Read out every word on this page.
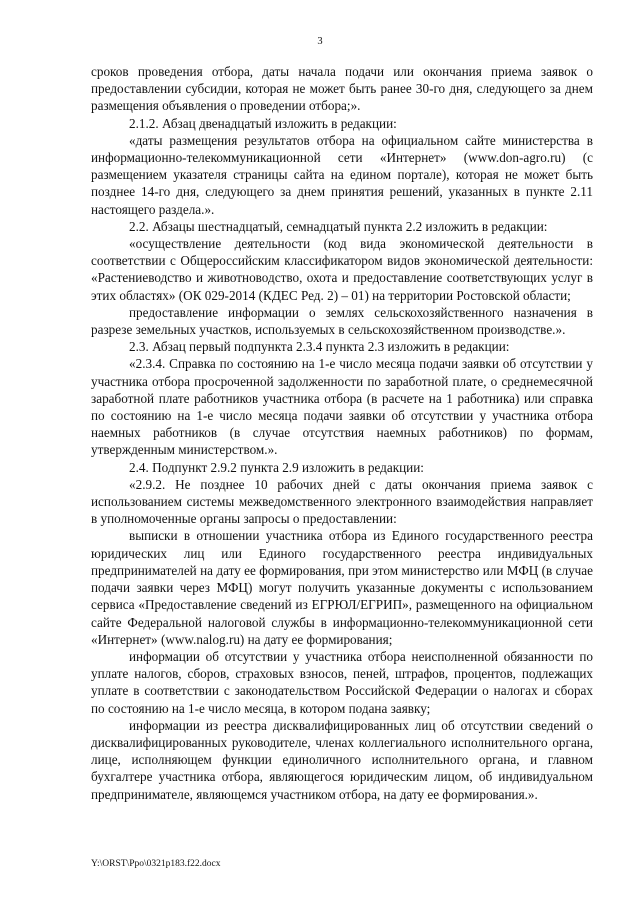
3

сроков проведения отбора, даты начала подачи или окончания приема заявок о предоставлении субсидии, которая не может быть ранее 30-го дня, следующего за днем размещения объявления о проведении отбора;».

2.1.2. Абзац двенадцатый изложить в редакции:

«даты размещения результатов отбора на официальном сайте министерства в информационно-телекоммуникационной сети «Интернет» (www.don-agro.ru) (с размещением указателя страницы сайта на едином портале), которая не может быть позднее 14-го дня, следующего за днем принятия решений, указанных в пункте 2.11 настоящего раздела.».

2.2. Абзацы шестнадцатый, семнадцатый пункта 2.2 изложить в редакции:

«осуществление деятельности (код вида экономической деятельности в соответствии с Общероссийским классификатором видов экономической деятельности: «Растениеводство и животноводство, охота и предоставление соответствующих услуг в этих областях» (ОК 029-2014 (КДЕС Ред. 2) – 01) на территории Ростовской области;

предоставление информации о землях сельскохозяйственного назначения в разрезе земельных участков, используемых в сельскохозяйственном производстве.».

2.3. Абзац первый подпункта 2.3.4 пункта 2.3 изложить в редакции:

«2.3.4. Справка по состоянию на 1-е число месяца подачи заявки об отсутствии у участника отбора просроченной задолженности по заработной плате, о среднемесячной заработной плате работников участника отбора (в расчете на 1 работника) или справка по состоянию на 1-е число месяца подачи заявки об отсутствии у участника отбора наемных работников (в случае отсутствия наемных работников) по формам, утвержденным министерством.».

2.4. Подпункт 2.9.2 пункта 2.9 изложить в редакции:

«2.9.2. Не позднее 10 рабочих дней с даты окончания приема заявок с использованием системы межведомственного электронного взаимодействия направляет в уполномоченные органы запросы о предоставлении:

выписки в отношении участника отбора из Единого государственного реестра юридических лиц или Единого государственного реестра индивидуальных предпринимателей на дату ее формирования, при этом министерство или МФЦ (в случае подачи заявки через МФЦ) могут получить указанные документы с использованием сервиса «Предоставление сведений из ЕГРЮЛ/ЕГРИП», размещенного на официальном сайте Федеральной налоговой службы в информационно-телекоммуникационной сети «Интернет» (www.nalog.ru) на дату ее формирования;

информации об отсутствии у участника отбора неисполненной обязанности по уплате налогов, сборов, страховых взносов, пеней, штрафов, процентов, подлежащих уплате в соответствии с законодательством Российской Федерации о налогах и сборах по состоянию на 1-е число месяца, в котором подана заявку;

информации из реестра дисквалифицированных лиц об отсутствии сведений о дисквалифицированных руководителе, членах коллегиального исполнительного органа, лице, исполняющем функции единоличного исполнительного органа, и главном бухгалтере участника отбора, являющегося юридическим лицом, об индивидуальном предпринимателе, являющемся участником отбора, на дату ее формирования.».

Y:\ORST\Ppo\0321p183.f22.docx
